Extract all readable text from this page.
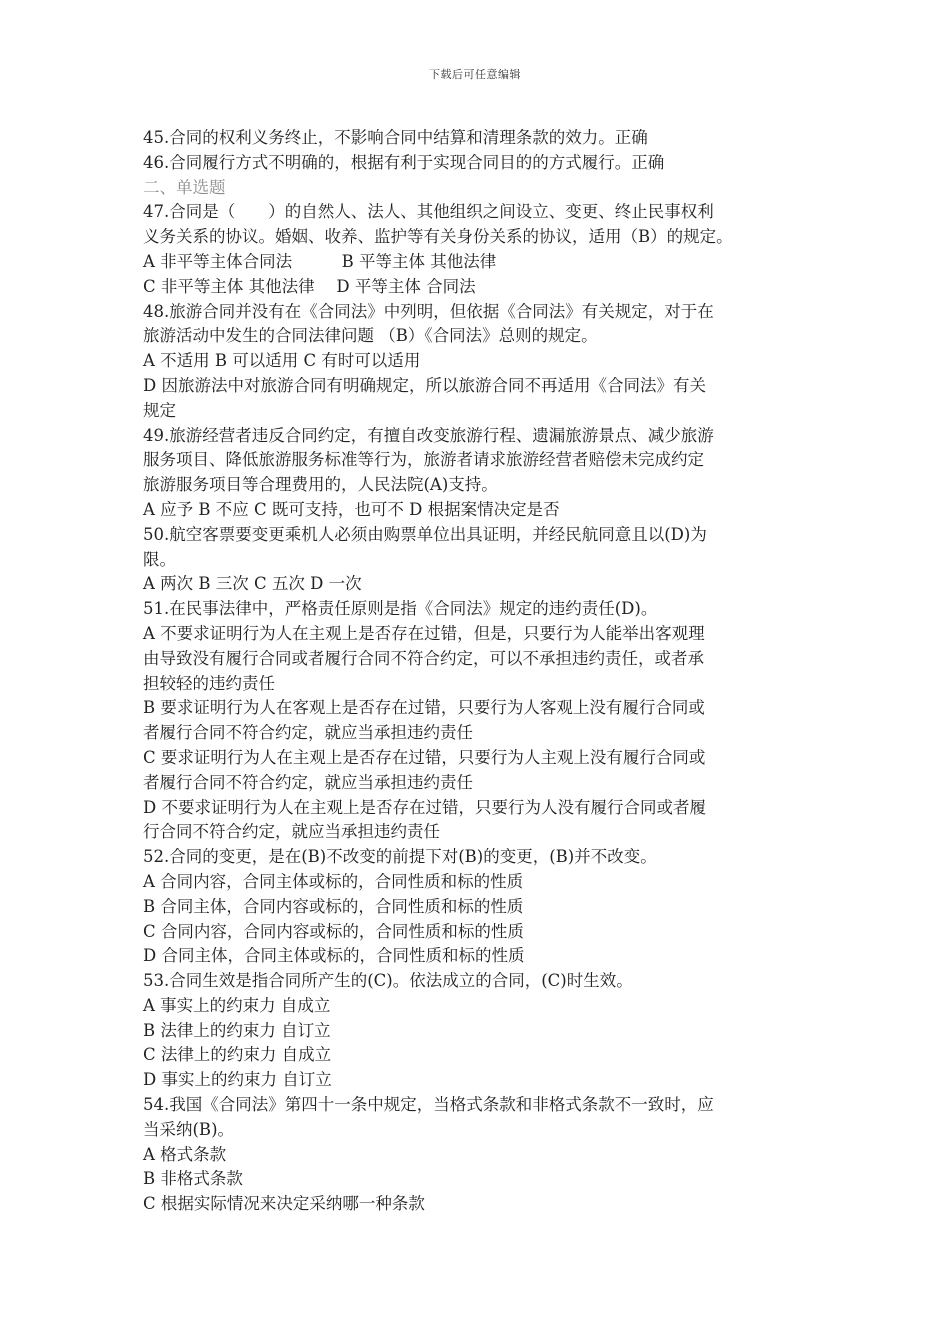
下载后可任意编辑
45.合同的权利义务终止，不影响合同中结算和清理条款的效力。正确
46.合同履行方式不明确的，根据有利于实现合同目的的方式履行。正确
二、单选题
47.合同是（　　）的自然人、法人、其他组织之间设立、变更、终止民事权利
义务关系的协议。婚姻、收养、监护等有关身份关系的协议，适用（B）的规定。
A 非平等主体合同法　　　B 平等主体 其他法律
C 非平等主体 其他法律　 D 平等主体 合同法
48.旅游合同并没有在《合同法》中列明，但依据《合同法》有关规定，对于在
旅游活动中发生的合同法律问题 （B）《合同法》总则的规定。
A 不适用 B 可以适用 C 有时可以适用
D 因旅游法中对旅游合同有明确规定，所以旅游合同不再适用《合同法》有关
规定
49.旅游经营者违反合同约定，有擅自改变旅游行程、遗漏旅游景点、减少旅游
服务项目、降低旅游服务标准等行为，旅游者请求旅游经营者赔偿未完成约定
旅游服务项目等合理费用的，人民法院(A)支持。
A 应予 B 不应 C 既可支持，也可不 D 根据案情决定是否
50.航空客票要变更乘机人必须由购票单位出具证明，并经民航同意且以(D)为
限。
A 两次 B 三次 C 五次 D 一次
51.在民事法律中，严格责任原则是指《合同法》规定的违约责任(D)。
A 不要求证明行为人在主观上是否存在过错，但是，只要行为人能举出客观理
由导致没有履行合同或者履行合同不符合约定，可以不承担违约责任，或者承
担较轻的违约责任
B 要求证明行为人在客观上是否存在过错，只要行为人客观上没有履行合同或
者履行合同不符合约定，就应当承担违约责任
C 要求证明行为人在主观上是否存在过错，只要行为人主观上没有履行合同或
者履行合同不符合约定，就应当承担违约责任
D 不要求证明行为人在主观上是否存在过错，只要行为人没有履行合同或者履
行合同不符合约定，就应当承担违约责任
52.合同的变更，是在(B)不改变的前提下对(B)的变更，(B)并不改变。
A 合同内容，合同主体或标的，合同性质和标的性质
B 合同主体，合同内容或标的，合同性质和标的性质
C 合同内容，合同内容或标的，合同性质和标的性质
D 合同主体，合同主体或标的，合同性质和标的性质
53.合同生效是指合同所产生的(C)。依法成立的合同，(C)时生效。
A 事实上的约束力 自成立
B 法律上的约束力 自订立
C 法律上的约束力 自成立
D 事实上的约束力 自订立
54.我国《合同法》第四十一条中规定，当格式条款和非格式条款不一致时，应
当采纳(B)。
A 格式条款
B 非格式条款
C 根据实际情况来决定采纳哪一种条款
